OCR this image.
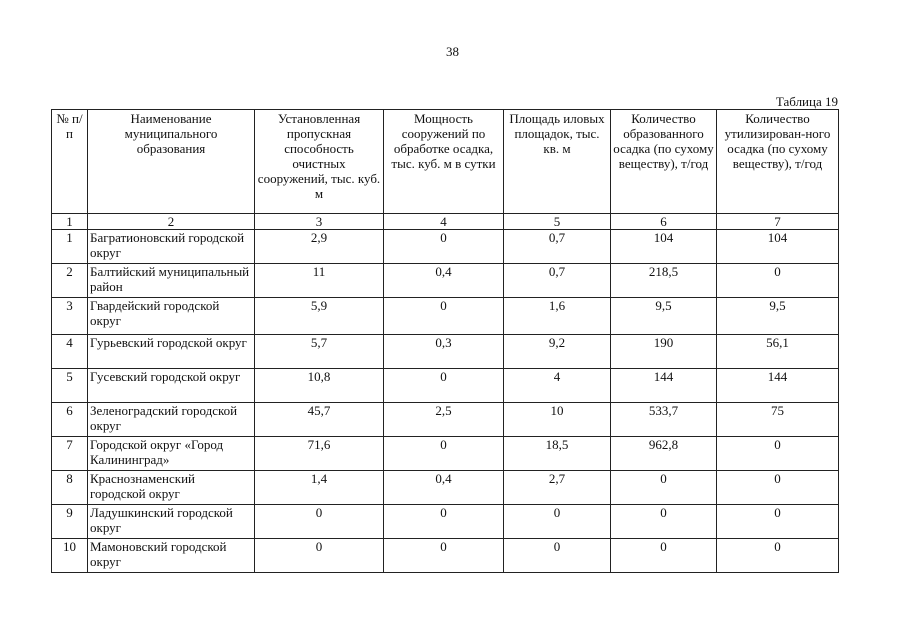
38
Таблица 19
№ п/п	Наименование муниципального образования	Установленная пропускная способность очистных сооружений, тыс. куб. м	Мощность сооружений по обработке осадка, тыс. куб. м в сутки	Площадь иловых площадок, тыс. кв. м	Количество образованного осадка (по сухому веществу), т/год	Количество утилизирован-ного осадка (по сухому веществу), т/год
1	2	3	4	5	6	7
1	Багратионовский городской округ	2,9	0	0,7	104	104
2	Балтийский муниципальный район	11	0,4	0,7	218,5	0
3	Гвардейский городской округ	5,9	0	1,6	9,5	9,5
4	Гурьевский городской округ	5,7	0,3	9,2	190	56,1
5	Гусевский городской округ	10,8	0	4	144	144
6	Зеленоградский городской округ	45,7	2,5	10	533,7	75
7	Городской округ «Город Калининград»	71,6	0	18,5	962,8	0
8	Краснознаменский городской округ	1,4	0,4	2,7	0	0
9	Ладушкинский городской округ	0	0	0	0	0
10	Мамоновский городской округ	0	0	0	0	0
